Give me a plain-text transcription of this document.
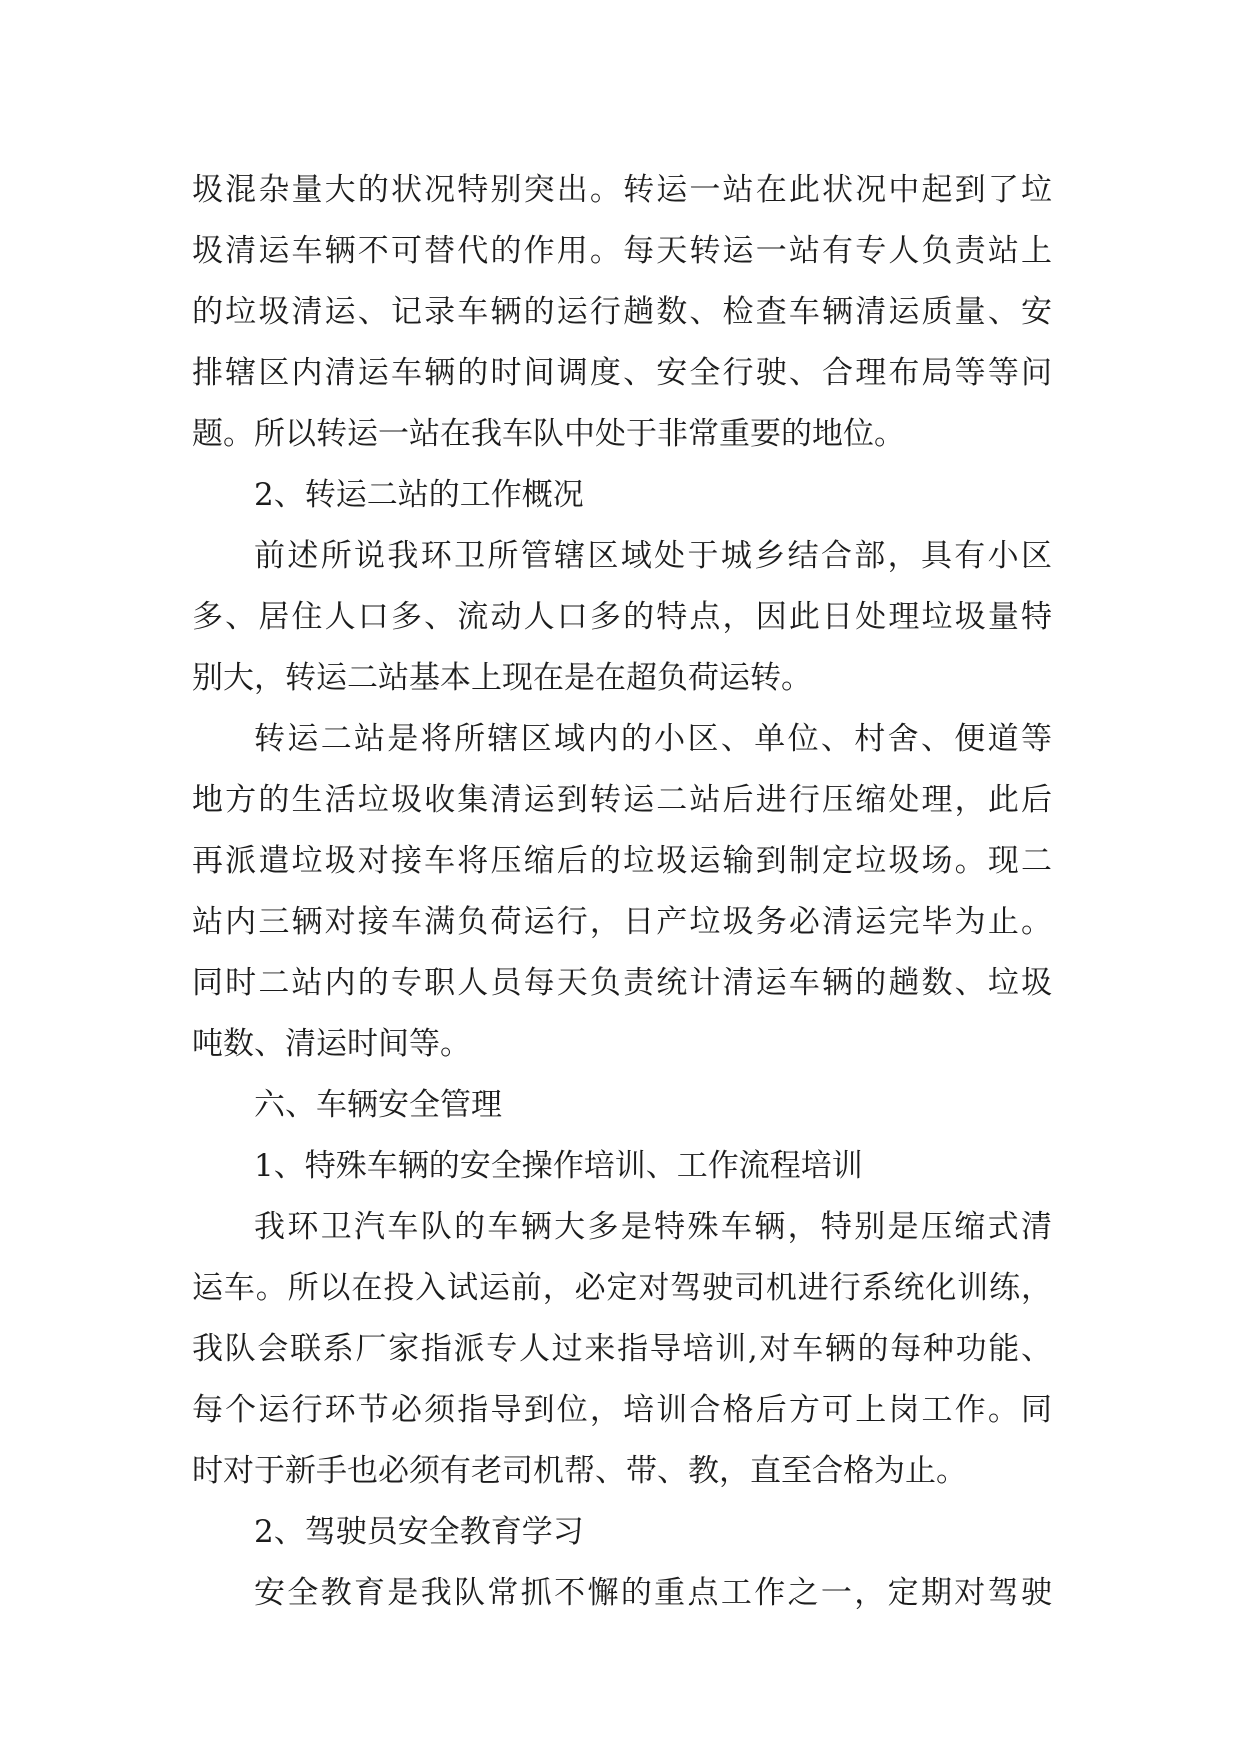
圾混杂量大的状况特别突出。转运一站在此状况中起到了垃
圾清运车辆不可替代的作用。每天转运一站有专人负责站上
的垃圾清运、记录车辆的运行趟数、检查车辆清运质量、安
排辖区内清运车辆的时间调度、安全行驶、合理布局等等问
题。所以转运一站在我车队中处于非常重要的地位。
2、转运二站的工作概况
前述所说我环卫所管辖区域处于城乡结合部，具有小区
多、居住人口多、流动人口多的特点，因此日处理垃圾量特
别大，转运二站基本上现在是在超负荷运转。
转运二站是将所辖区域内的小区、单位、村舍、便道等
地方的生活垃圾收集清运到转运二站后进行压缩处理，此后
再派遣垃圾对接车将压缩后的垃圾运输到制定垃圾场。现二
站内三辆对接车满负荷运行，日产垃圾务必清运完毕为止。
同时二站内的专职人员每天负责统计清运车辆的趟数、垃圾
吨数、清运时间等。
六、车辆安全管理
1、特殊车辆的安全操作培训、工作流程培训
我环卫汽车队的车辆大多是特殊车辆，特别是压缩式清
运车。所以在投入试运前，必定对驾驶司机进行系统化训练，
我队会联系厂家指派专人过来指导培训,对车辆的每种功能、
每个运行环节必须指导到位，培训合格后方可上岗工作。同
时对于新手也必须有老司机帮、带、教，直至合格为止。
2、驾驶员安全教育学习
安全教育是我队常抓不懈的重点工作之一，定期对驾驶
